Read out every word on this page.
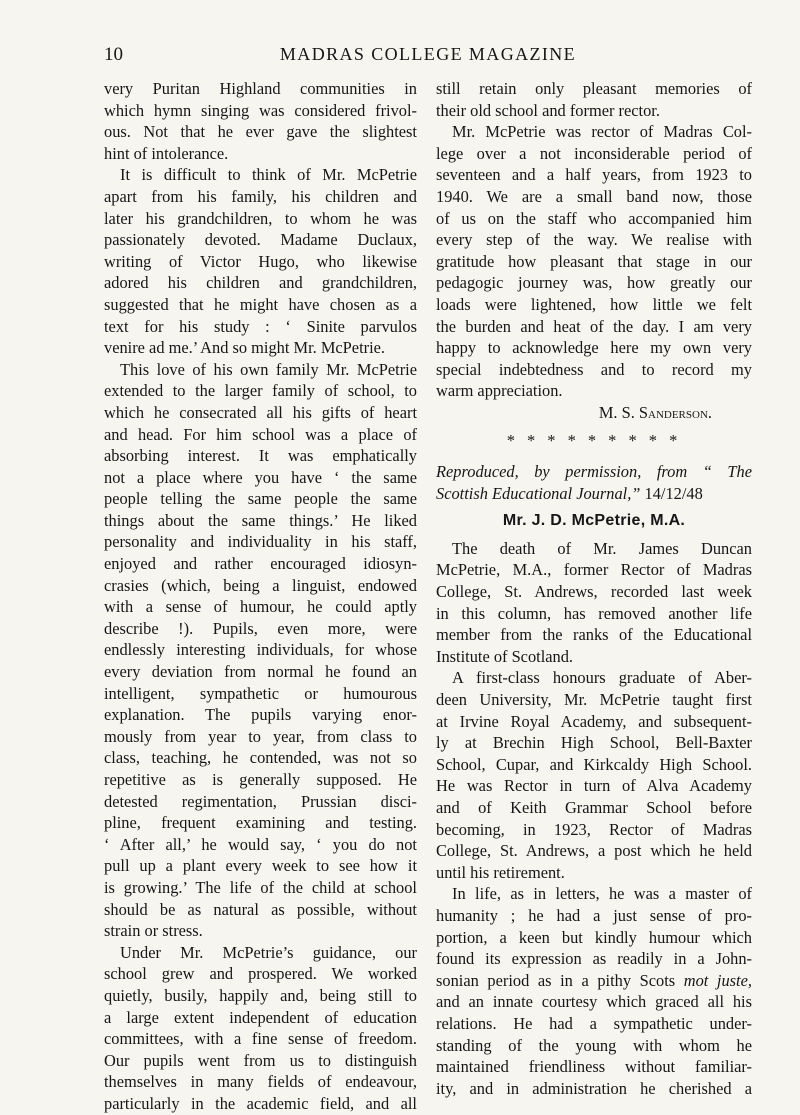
10	MADRAS COLLEGE MAGAZINE
very Puritan Highland communities in
which hymn singing was considered frivol-
ous. Not that he ever gave the slightest
hint of intolerance.
It is difficult to think of Mr. McPetrie
apart from his family, his children and
later his grandchildren, to whom he was
passionately devoted. Madame Duclaux,
writing of Victor Hugo, who likewise
adored his children and grandchildren,
suggested that he might have chosen as a
text for his study : ‘ Sinite parvulos
venire ad me.’ And so might Mr. McPetrie.
This love of his own family Mr. McPetrie
extended to the larger family of school, to
which he consecrated all his gifts of heart
and head. For him school was a place of
absorbing interest. It was emphatically
not a place where you have ‘ the same
people telling the same people the same
things about the same things.’ He liked
personality and individuality in his staff,
enjoyed and rather encouraged idiosyn-
crasies (which, being a linguist, endowed
with a sense of humour, he could aptly
describe !). Pupils, even more, were
endlessly interesting individuals, for whose
every deviation from normal he found an
intelligent, sympathetic or humourous
explanation. The pupils varying enor-
mously from year to year, from class to
class, teaching, he contended, was not so
repetitive as is generally supposed. He
detested regimentation, Prussian disci-
pline, frequent examining and testing.
‘ After all,’ he would say, ‘ you do not
pull up a plant every week to see how it
is growing.’ The life of the child at school
should be as natural as possible, without
strain or stress.
Under Mr. McPetrie’s guidance, our
school grew and prospered. We worked
quietly, busily, happily and, being still to
a large extent independent of education
committees, with a fine sense of freedom.
Our pupils went from us to distinguish
themselves in many fields of endeavour,
particularly in the academic field, and all
still retain only pleasant memories of
their old school and former rector.
Mr. McPetrie was rector of Madras Col-
lege over a not inconsiderable period of
seventeen and a half years, from 1923 to
1940. We are a small band now, those
of us on the staff who accompanied him
every step of the way. We realise with
gratitude how pleasant that stage in our
pedagogic journey was, how greatly our
loads were lightened, how little we felt
the burden and heat of the day. I am very
happy to acknowledge here my own very
special indebtedness and to record my
warm appreciation.
M. S. Sanderson.
* * * * * * * * *
Reproduced, by permission, from “ The
Scottish Educational Journal,” 14/12/48
Mr. J. D. McPetrie, M.A.
The death of Mr. James Duncan
McPetrie, M.A., former Rector of Madras
College, St. Andrews, recorded last week
in this column, has removed another life
member from the ranks of the Educational
Institute of Scotland.
A first-class honours graduate of Aber-
deen University, Mr. McPetrie taught first
at Irvine Royal Academy, and subsequent-
ly at Brechin High School, Bell-Baxter
School, Cupar, and Kirkcaldy High School.
He was Rector in turn of Alva Academy
and of Keith Grammar School before
becoming, in 1923, Rector of Madras
College, St. Andrews, a post which he held
until his retirement.
In life, as in letters, he was a master of
humanity ; he had a just sense of pro-
portion, a keen but kindly humour which
found its expression as readily in a John-
sonian period as in a pithy Scots mot juste,
and an innate courtesy which graced all his
relations. He had a sympathetic under-
standing of the young with whom he
maintained friendliness without familiar-
ity, and in administration he cherished a
